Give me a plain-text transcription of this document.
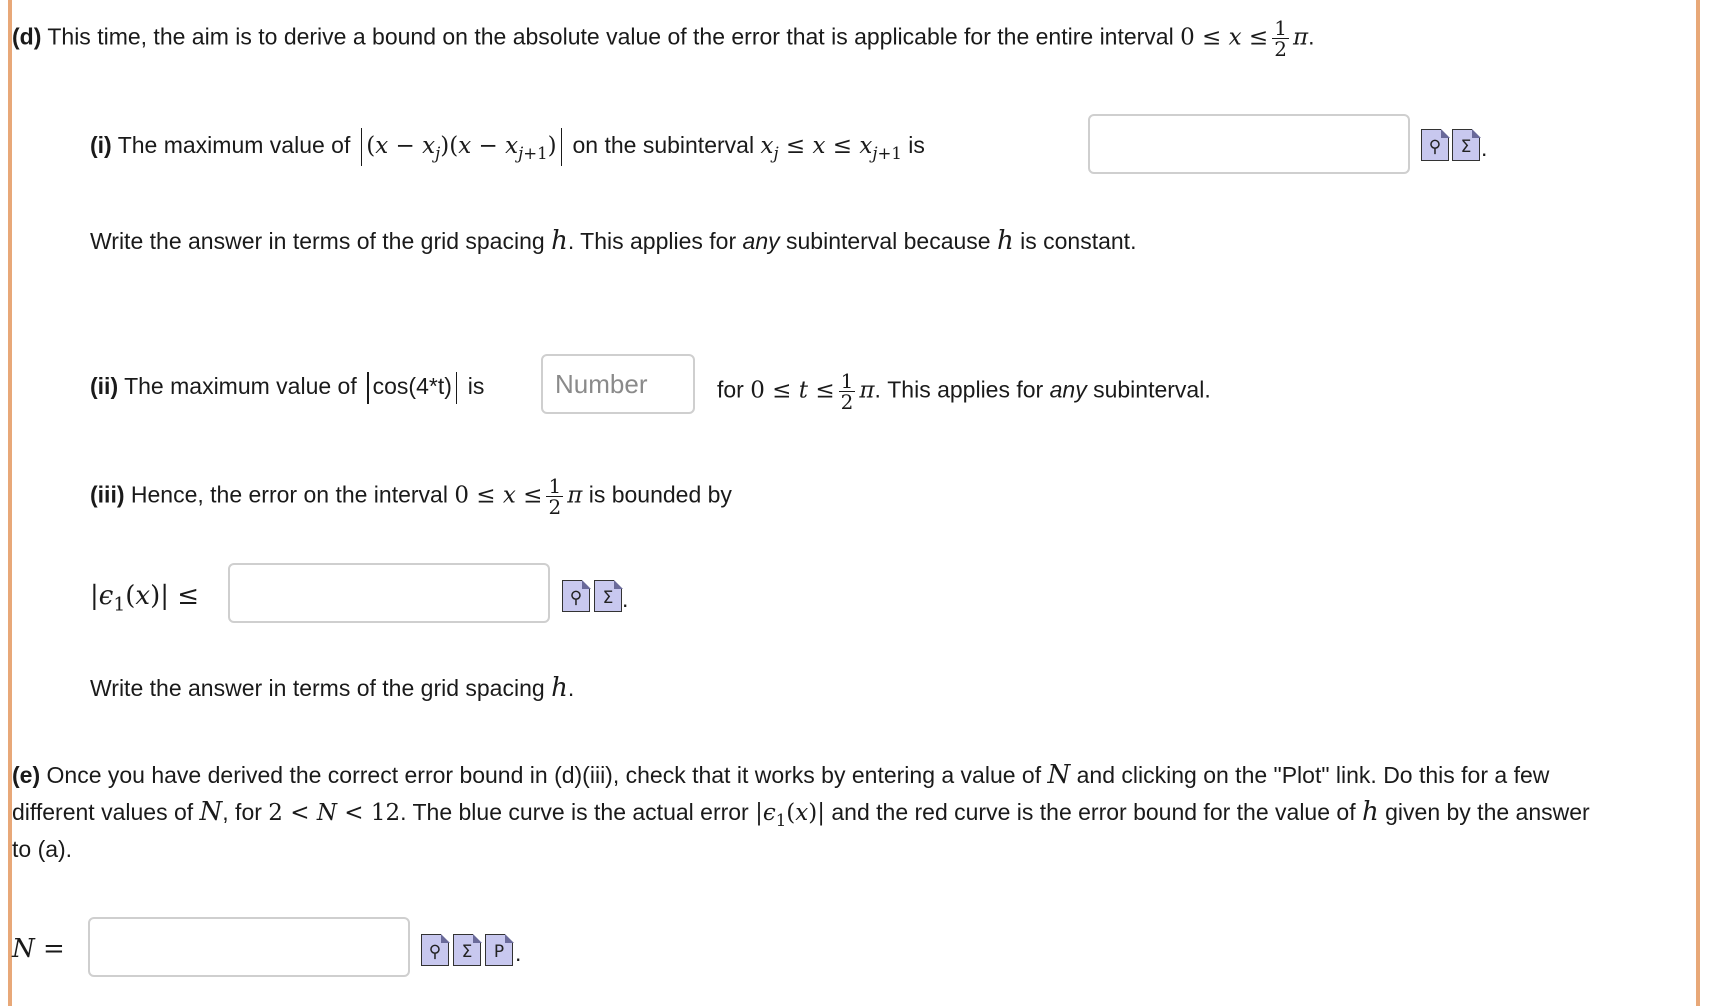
(d) This time, the aim is to derive a bound on the absolute value of the error that is applicable for the entire interval $0 \le x \le \frac{1}{2} \pi$.
(i) The maximum value of $(x - x_j)(x - x_{j+1})$ on the subinterval $x_j \le x \le x_{j+1}$ is	⚲ Σ .
Write the answer in terms of the grid spacing h. This applies for any subinterval because h is constant.
(ii) The maximum value of cos(4*t) is
Number	for $0 \le t \le \frac{1}{2} \pi$. This applies for any subinterval.
(iii) Hence, the error on the interval $0 \le x \le \frac{1}{2}$ π is bounded by
$|\epsilon_1(x)|$ ≤	⚲ Σ .
Write the answer in terms of the grid spacing h.
(e) Once you have derived the correct error bound in (d)(iii), check that it works by entering a value of N and clicking on the "Plot" link. Do this for a few
different values of N, for 2 < N < 12. The blue curve is the actual error $|\epsilon_1(x)|$ and the red curve is the error bound for the value of h given by the answer
to (a).
N =	⚲ Σ P .
